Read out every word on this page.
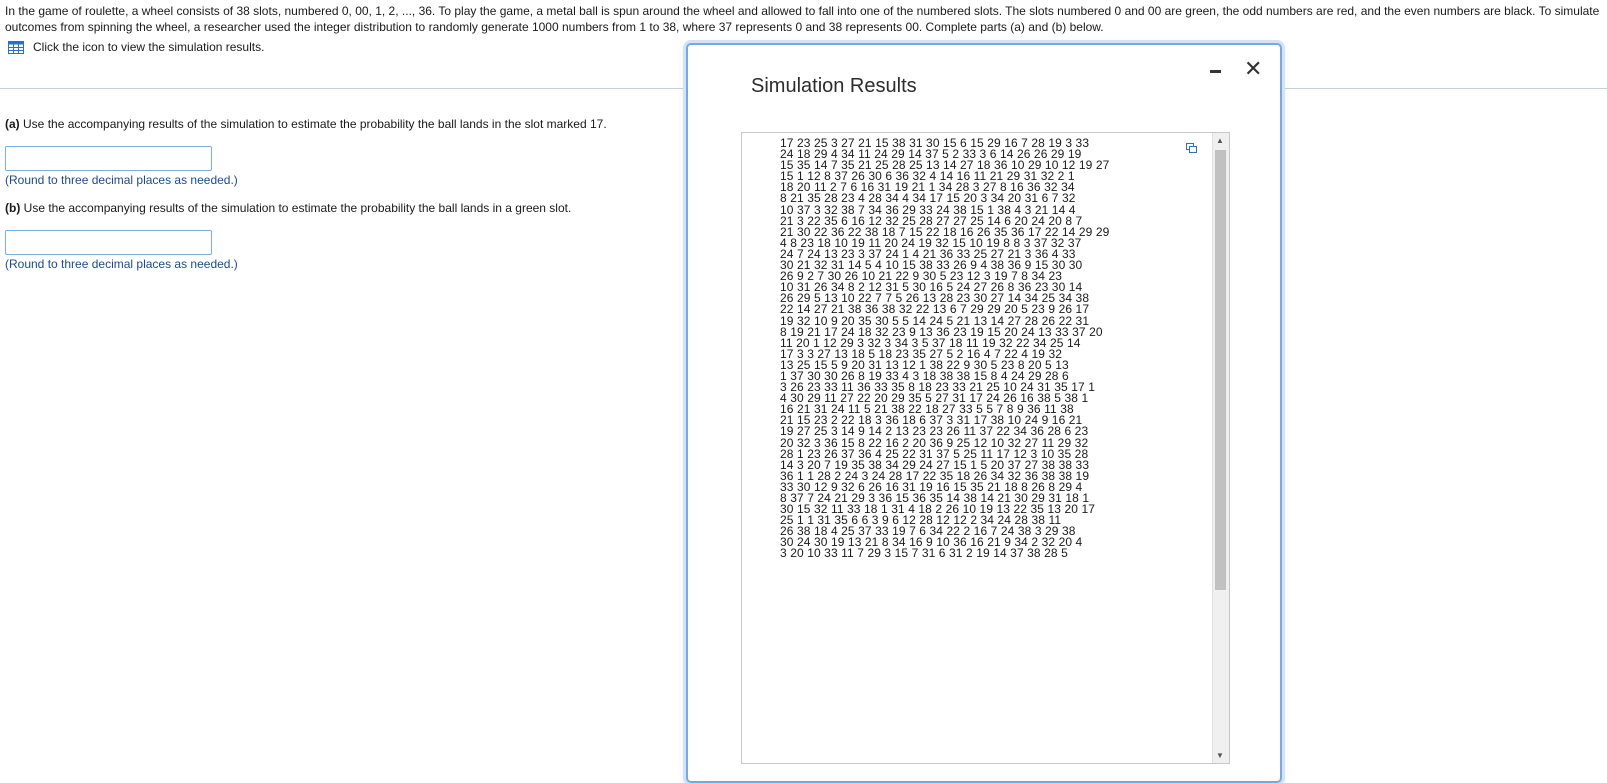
In the game of roulette, a wheel consists of 38 slots, numbered 0, 00, 1, 2, ..., 36. To play the game, a metal ball is spun around the wheel and allowed to fall into one of the numbered slots. The slots numbered 0 and 00 are green, the odd numbers are red, and the even numbers are black. To simulate outcomes from spinning the wheel, a researcher used the integer distribution to randomly generate 1000 numbers from 1 to 38, where 37 represents 0 and 38 represents 00. Complete parts (a) and (b) below.
Click the icon to view the simulation results.
(a) Use the accompanying results of the simulation to estimate the probability the ball lands in the slot marked 17.
(Round to three decimal places as needed.)
(b) Use the accompanying results of the simulation to estimate the probability the ball lands in a green slot.
(Round to three decimal places as needed.)
Simulation Results
✕
17 23 25 3 27 21 15 38 31 30 15 6 15 29 16 7 28 19 3 33
24 18 29 4 34 11 24 29 14 37 5 2 33 3 6 14 26 26 29 19
15 35 14 7 35 21 25 28 25 13 14 27 18 36 10 29 10 12 19 27
15 1 12 8 37 26 30 6 36 32 4 14 16 11 21 29 31 32 2 1
18 20 11 2 7 6 16 31 19 21 1 34 28 3 27 8 16 36 32 34
8 21 35 28 23 4 28 34 4 34 17 15 20 3 34 20 31 6 7 32
10 37 3 32 38 7 34 36 29 33 24 38 15 1 38 4 3 21 14 4
21 3 22 35 6 16 12 32 25 28 27 27 25 14 6 20 24 20 8 7
21 30 22 36 22 38 18 7 15 22 18 16 26 35 36 17 22 14 29 29
4 8 23 18 10 19 11 20 24 19 32 15 10 19 8 8 3 37 32 37
24 7 24 13 23 3 37 24 1 4 21 36 33 25 27 21 3 36 4 33
30 21 32 31 14 5 4 10 15 38 33 26 9 4 38 36 9 15 30 30
26 9 2 7 30 26 10 21 22 9 30 5 23 12 3 19 7 8 34 23
10 31 26 34 8 2 12 31 5 30 16 5 24 27 26 8 36 23 30 14
26 29 5 13 10 22 7 7 5 26 13 28 23 30 27 14 34 25 34 38
22 14 27 21 38 36 38 32 22 13 6 7 29 29 20 5 23 9 26 17
19 32 10 9 20 35 30 5 5 14 24 5 21 13 14 27 28 26 22 31
8 19 21 17 24 18 32 23 9 13 36 23 19 15 20 24 13 33 37 20
11 20 1 12 29 3 32 3 34 3 5 37 18 11 19 32 22 34 25 14
17 3 3 27 13 18 5 18 23 35 27 5 2 16 4 7 22 4 19 32
13 25 15 5 9 20 31 13 12 1 38 22 9 30 5 23 8 20 5 13
1 37 30 30 26 8 19 33 4 3 18 38 38 15 8 4 24 29 28 6
3 26 23 33 11 36 33 35 8 18 23 33 21 25 10 24 31 35 17 1
4 30 29 11 27 22 20 29 35 5 27 31 17 24 26 16 38 5 38 1
16 21 31 24 11 5 21 38 22 18 27 33 5 5 7 8 9 36 11 38
21 15 23 2 22 18 3 36 18 6 37 3 31 17 38 10 24 9 16 21
19 27 25 3 14 9 14 2 13 23 23 26 11 37 22 34 36 28 6 23
20 32 3 36 15 8 22 16 2 20 36 9 25 12 10 32 27 11 29 32
28 1 23 26 37 36 4 25 22 31 37 5 25 11 17 12 3 10 35 28
14 3 20 7 19 35 38 34 29 24 27 15 1 5 20 37 27 38 38 33
36 1 1 28 2 24 3 24 28 17 22 35 18 26 34 32 36 38 38 19
33 30 12 9 32 6 26 16 31 19 16 15 35 21 18 8 26 8 29 4
8 37 7 24 21 29 3 36 15 36 35 14 38 14 21 30 29 31 18 1
30 15 32 11 33 18 1 31 4 18 2 26 10 19 13 22 35 13 20 17
25 1 1 31 35 6 6 3 9 6 12 28 12 12 2 34 24 28 38 11
26 38 18 4 25 37 33 19 7 6 34 22 2 16 7 24 38 3 29 38
30 24 30 19 13 21 8 34 16 9 10 36 16 21 9 34 2 32 20 4
3 20 10 33 11 7 29 3 15 7 31 6 31 2 19 14 37 38 28 5
▲
▼
